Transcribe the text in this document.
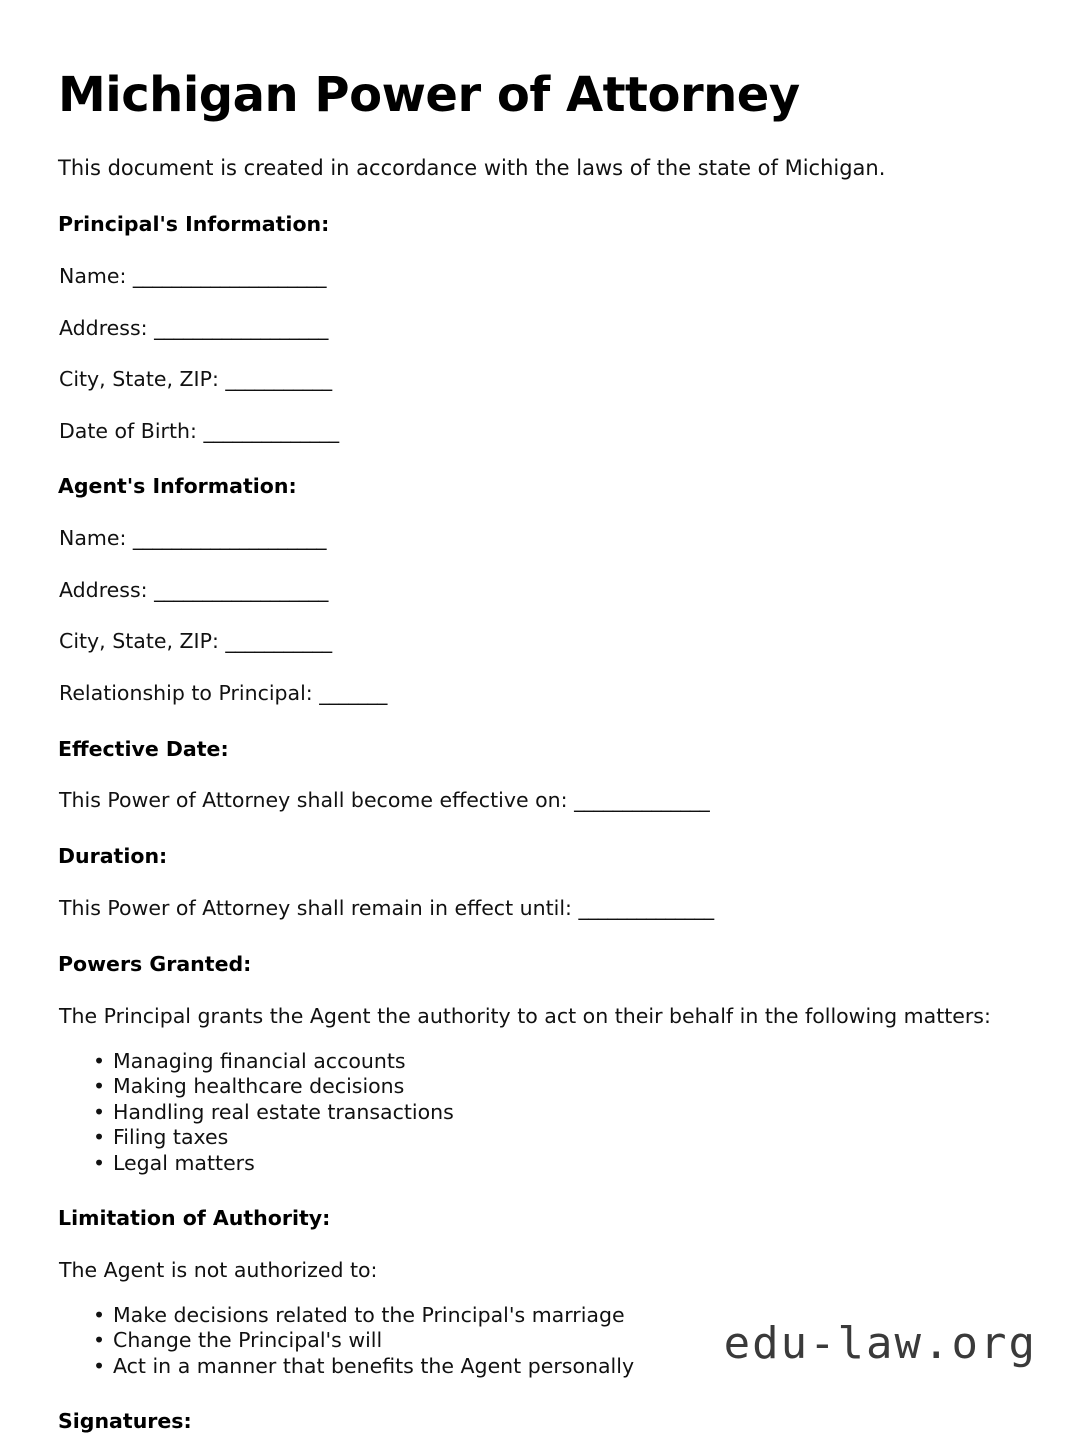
Michigan Power of Attorney

This document is created in accordance with the laws of the state of Michigan.

Principal's Information:

Name: ____________________

Address: __________________

City, State, ZIP: ___________

Date of Birth: ______________

Agent's Information:

Name: ____________________

Address: __________________

City, State, ZIP: ___________

Relationship to Principal: _______

Effective Date:

This Power of Attorney shall become effective on: ______________

Duration:

This Power of Attorney shall remain in effect until: ______________

Powers Granted:

The Principal grants the Agent the authority to act on their behalf in the following matters:

• Managing financial accounts
• Making healthcare decisions
• Handling real estate transactions
• Filing taxes
• Legal matters
Limitation of Authority:

The Agent is not authorized to:

• Make decisions related to the Principal's marriage
• Change the Principal's will
• Act in a manner that benefits the Agent personally
Signatures:
edu-law.org
